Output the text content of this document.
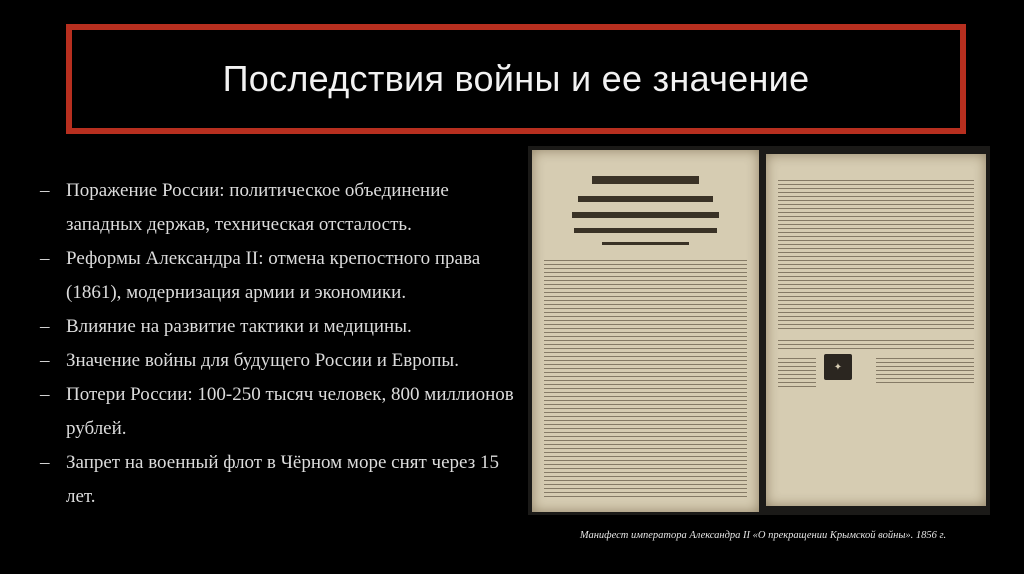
Последствия войны и ее значение
– Поражение России: политическое объединение западных держав, техническая отсталость.
– Реформы Александра II: отмена крепостного права (1861), модернизация армии и экономики.
– Влияние на развитие тактики и медицины.
– Значение войны для будущего России и Европы.
– Потери России: 100-250 тысяч человек, 800 миллионов рублей.
– Запрет на военный флот в Чёрном море снят через 15 лет.
✦
Манифест императора Александра II «О прекращении Крымской войны». 1856 г.
